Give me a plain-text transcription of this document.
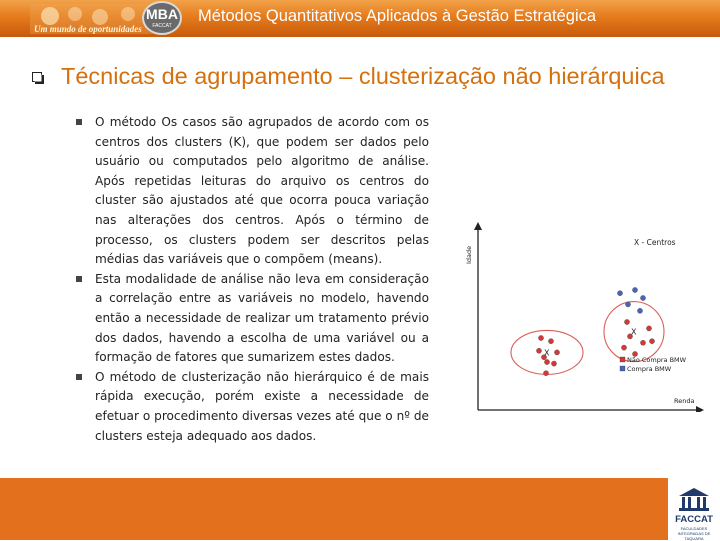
Um mundo de oportunidades
MBA
FACCAT
Métodos Quantitativos Aplicados à Gestão Estratégica
Técnicas de agrupamento – clusterização não hierárquica
O método Os casos são agrupados de acordo com os centros dos clusters (K), que podem ser dados pelo usuário ou computados pelo algoritmo de análise. Após repetidas leituras do arquivo os centros do cluster são ajustados até que ocorra pouca variação nas alterações dos centros. Após o término de processo, os clusters podem ser descritos pelas médias das variáveis que o compõem (means).
Esta modalidade de análise não leva em consideração a correlação entre as variáveis no modelo, havendo então a necessidade de realizar um tratamento prévio dos dados, havendo a escolha de uma variável ou a formação de fatores que sumarizem estes dados.
O método de clusterização não hierárquico é de mais rápida execução, porém existe a necessidade de efetuar o procedimento diversas vezes até que o nº de clusters esteja adequado aos dados.
Idade
X - Centros
X
X
Não Compra BMW
Compra BMW
Renda
FACCAT
FACULDADES INTEGRADAS DE TAQUARA
